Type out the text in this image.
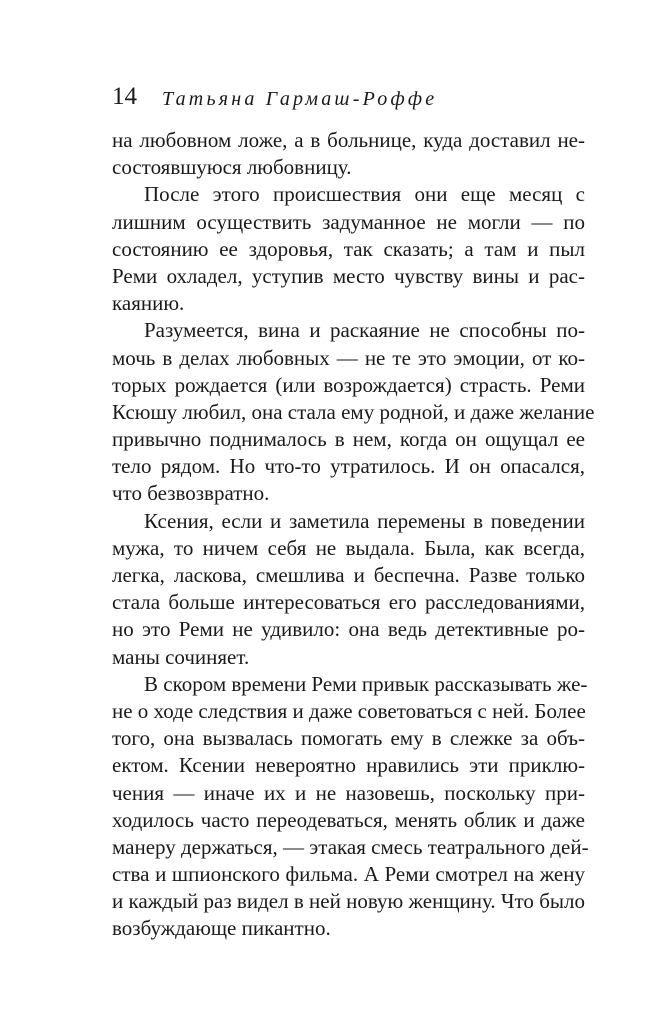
14 Татьяна Гармаш-Роффе
на любовном ложе, а в больнице, куда доставил не-
состоявшуюся любовницу.
После этого происшествия они еще месяц с
лишним осуществить задуманное не могли — по
состоянию ее здоровья, так сказать; а там и пыл
Реми охладел, уступив место чувству вины и рас-
каянию.
Разумеется, вина и раскаяние не способны по-
мочь в делах любовных — не те это эмоции, от ко-
торых рождается (или возрождается) страсть. Реми
Ксюшу любил, она стала ему родной, и даже желание
привычно поднималось в нем, когда он ощущал ее
тело рядом. Но что-то утратилось. И он опасался,
что безвозвратно.
Ксения, если и заметила перемены в поведении
мужа, то ничем себя не выдала. Была, как всегда,
легка, ласкова, смешлива и беспечна. Разве только
стала больше интересоваться его расследованиями,
но это Реми не удивило: она ведь детективные ро-
маны сочиняет.
В скором времени Реми привык рассказывать же-
не о ходе следствия и даже советоваться с ней. Более
того, она вызвалась помогать ему в слежке за объ-
ектом. Ксении невероятно нравились эти приклю-
чения — иначе их и не назовешь, поскольку при-
ходилось часто переодеваться, менять облик и даже
манеру держаться, — этакая смесь театрального дей-
ства и шпионского фильма. А Реми смотрел на жену
и каждый раз видел в ней новую женщину. Что было
возбуждающе пикантно.
